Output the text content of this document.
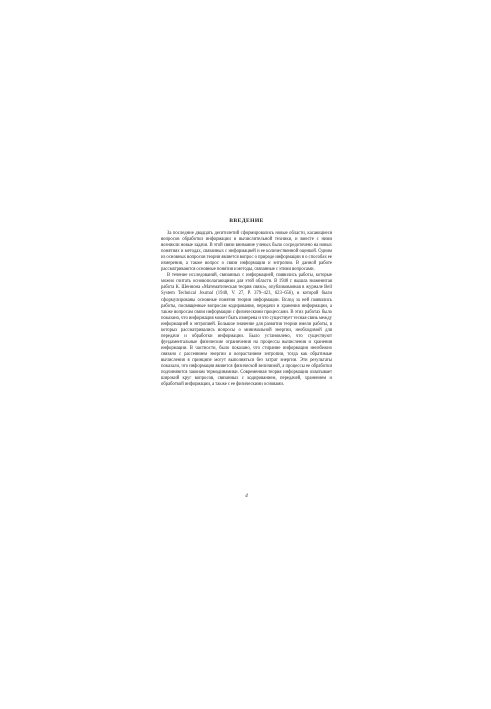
ВВЕДЕНИЕ

За последние двадцать десятилетий сформировались новые области, касающиеся вопросов обработки информации и вычислительной техники, и вместе с ними возникли новые задачи. В этой связи внимание ученых было сосредоточено на новых понятиях и методах, связанных с информацией и ее количественной оценкой. Одним из основных вопросов теории является вопрос о природе информации и о способах ее измерения, а также вопрос о связи информации и энтропии. В данной работе рассматриваются основные понятия и методы, связанные с этими вопросами.

В течение исследований, связанных с информацией, появились работы, которые можно считать основополагающими для этой области. В 1948 г. вышла знаменитая работа К. Шеннона «Математическая теория связи», опубликованная в журнале Bell System Technical Journal (1948, V. 27, P. 379–423, 623–656), в которой были сформулированы основные понятия теории информации. Вслед за ней появились работы, посвященные вопросам кодирования, передачи и хранения информации, а также вопросам связи информации с физическими процессами. В этих работах было показано, что информация может быть измерена и что существует тесная связь между информацией и энтропией. Большое значение для развития теории имели работы, в которых рассматривались вопросы о минимальной энергии, необходимой для передачи и обработки информации. Было установлено, что существуют фундаментальные физические ограничения на процессы вычисления и хранения информации. В частности, было показано, что стирание информации неизбежно связано с рассеянием энергии и возрастанием энтропии, тогда как обратимые вычисления в принципе могут выполняться без затрат энергии. Эти результаты показали, что информация является физической величиной, а процессы ее обработки подчиняются законам термодинамики. Современная теория информации охватывает широкий круг вопросов, связанных с кодированием, передачей, хранением и обработкой информации, а также с ее физическими основами.

4
